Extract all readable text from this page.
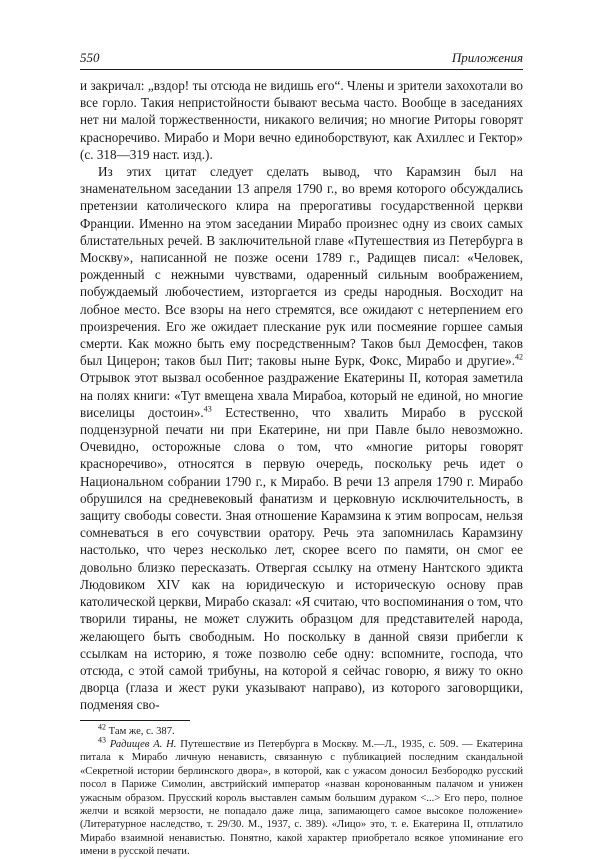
550	Приложения

и закричал: „вздор! ты отсюда не видишь его“. Члены и зрители захохотали во все горло. Такия непристойности бывают весьма часто. Вообще в заседаниях нет ни малой торжественности, никакого величия; но многие Риторы говорят красноречиво. Мирабо и Мори вечно единоборствуют, как Ахиллес и Гектор» (с. 318—319 наст. изд.).

Из этих цитат следует сделать вывод, что Карамзин был на знаменательном заседании 13 апреля 1790 г., во время которого обсуждались претензии католического клира на прерогативы государственной церкви Франции. Именно на этом заседании Мирабо произнес одну из своих самых блистательных речей. В заключительной главе «Путешествия из Петербурга в Москву», написанной не позже осени 1789 г., Радищев писал: «Человек, рожденный с нежными чувствами, одаренный сильным воображением, побуждаемый любочестием, изторгается из среды народныя. Восходит на лобное место. Все взоры на него стремятся, все ожидают с нетерпением его произречения. Его же ожидает плескание рук или посмеяние горшее самыя смерти. Как можно быть ему посредственным? Таков был Демосфен, таков был Цицерон; таков был Пит; таковы ныне Бурк, Фокс, Мирабо и другие».$^{42}$ Отрывок этот вызвал особенное раздражение Екатерины II, которая заметила на полях книги: «Тут вмещена хвала Мирабоа, который не единой, но многие виселицы достоин».$^{43}$ Естественно, что хвалить Мирабо в русской подцензурной печати ни при Екатерине, ни при Павле было невозможно. Очевидно, осторожные слова о том, что «многие риторы говорят красноречиво», относятся в первую очередь, поскольку речь идет о Национальном собрании 1790 г., к Мирабо. В речи 13 апреля 1790 г. Мирабо обрушился на средневековый фанатизм и церковную исключительность, в защиту свободы совести. Зная отношение Карамзина к этим вопросам, нельзя сомневаться в его сочувствии оратору. Речь эта запомнилась Карамзину настолько, что через несколько лет, скорее всего по памяти, он смог ее довольно близко пересказать. Отвергая ссылку на отмену Нантского эдикта Людовиком XIV как на юридическую и историческую основу прав католической церкви, Мирабо сказал: «Я считаю, что воспоминания о том, что творили тираны, не может служить образцом для представителей народа, желающего быть свободным. Но поскольку в данной связи прибегли к ссылкам на историю, я тоже позволю себе одну: вспомните, господа, что отсюда, с этой самой трибуны, на которой я сейчас говорю, я вижу то окно дворца (глаза и жест руки указывают направо), из которого заговорщики, подменяя сво-

$^{42}$ Там же, с. 387.

$^{43}$ Радищев А. Н. Путешествие из Петербурга в Москву. М.—Л., 1935, с. 509. — Екатерина питала к Мирабо личную ненависть, связанную с публикацией последним скандальной «Секретной истории берлинского двора», в которой, как с ужасом доносил Безбородко русский посол в Париже Симолин, австрийский император «назван коронованным палачом и унижен ужасным образом. Прусский король выставлен самым большим дураком <...> Его перо, полное желчи и всякой мерзости, не попадало даже лица, запимающего самое высокое положение» (Литературное наследство, т. 29/30. М., 1937, с. 389). «Лицо» это, т. е. Екатерина II, отплатило Мирабо взаимной ненавистью. Понятно, какой характер приобретало всякое упоминание его имени в русской печати.
